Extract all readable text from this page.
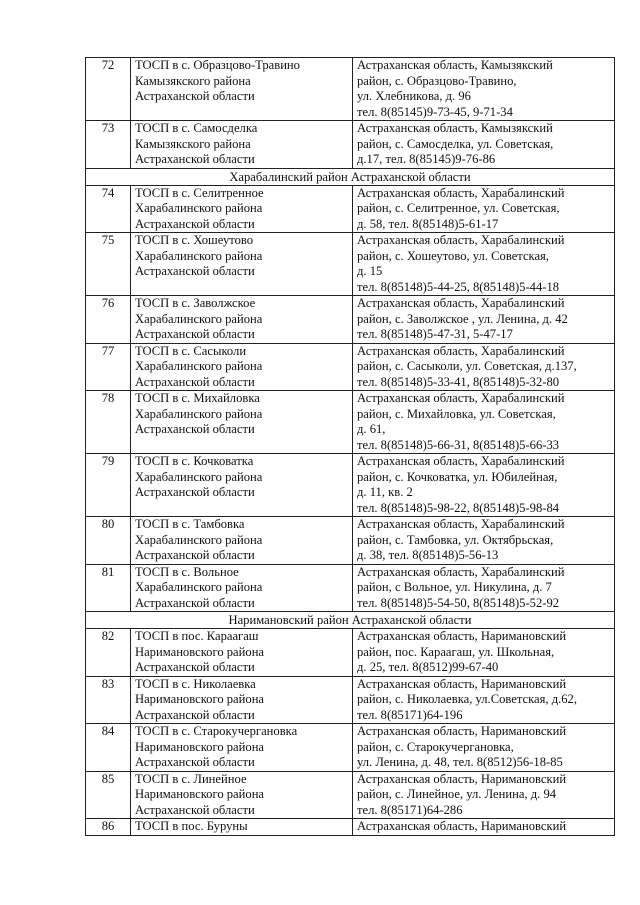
72	ТОСП в с. Образцово-Травино
Камызякского района
Астраханской области	Астраханская область, Камызякский
район, с. Образцово-Травино,
ул. Хлебникова, д. 96
тел. 8(85145)9-73-45, 9-71-34
73	ТОСП в с. Самосделка
Камызякского района
Астраханской области	Астраханская область, Камызякский
район, с. Самосделка, ул. Советская,
д.17, тел. 8(85145)9-76-86
Харабалинский район Астраханской области		
74	ТОСП в с. Селитренное
Харабалинского района
Астраханской области	Астраханская область, Харабалинский
район, с. Селитренное, ул. Советская,
д. 58, тел. 8(85148)5-61-17
75	ТОСП в с. Хошеутово
Харабалинского района
Астраханской области	Астраханская область, Харабалинский
район, с. Хошеутово, ул. Советская,
д. 15
тел. 8(85148)5-44-25, 8(85148)5-44-18
76	ТОСП в с. Заволжское
Харабалинского района
Астраханской области	Астраханская область, Харабалинский
район, с. Заволжское , ул. Ленина, д. 42
тел. 8(85148)5-47-31, 5-47-17
77	ТОСП в с. Сасыколи
Харабалинского района
Астраханской области	Астраханская область, Харабалинский
район, с. Сасыколи, ул. Советская, д.137,
тел. 8(85148)5-33-41, 8(85148)5-32-80
78	ТОСП в с. Михайловка
Харабалинского района
Астраханской области	Астраханская область, Харабалинский
район, с. Михайловка, ул. Советская,
д. 61,
тел. 8(85148)5-66-31, 8(85148)5-66-33
79	ТОСП в с. Кочковатка
Харабалинского района
Астраханской области	Астраханская область, Харабалинский
район, с. Кочковатка, ул. Юбилейная,
д. 11, кв. 2
тел. 8(85148)5-98-22, 8(85148)5-98-84
80	ТОСП в с. Тамбовка
Харабалинского района
Астраханской области	Астраханская область, Харабалинский
район, с. Тамбовка, ул. Октябрьская,
д. 38, тел. 8(85148)5-56-13
81	ТОСП в с. Вольное
Харабалинского района
Астраханской области	Астраханская область, Харабалинский
район, с Вольное, ул. Никулина, д. 7
тел. 8(85148)5-54-50, 8(85148)5-52-92
Наримановский район Астраханской области		
82	ТОСП в пос. Караагаш
Наримановского района
Астраханской области	Астраханская область, Наримановский
район, пос. Караагаш, ул. Школьная,
д. 25, тел. 8(8512)99-67-40
83	ТОСП в с. Николаевка
Наримановского района
Астраханской области	Астраханская область, Наримановский
район, с. Николаевка, ул.Советская, д.62,
тел. 8(85171)64-196
84	ТОСП в с. Старокучергановка
Наримановского района
Астраханской области	Астраханская область, Наримановский
район, с. Старокучергановка,
ул. Ленина, д. 48, тел. 8(8512)56-18-85
85	ТОСП в с. Линейное
Наримановского района
Астраханской области	Астраханская область, Наримановский
район, с. Линейное, ул. Ленина, д. 94
тел. 8(85171)64-286
86	ТОСП в пос. Буруны	Астраханская область, Наримановский
